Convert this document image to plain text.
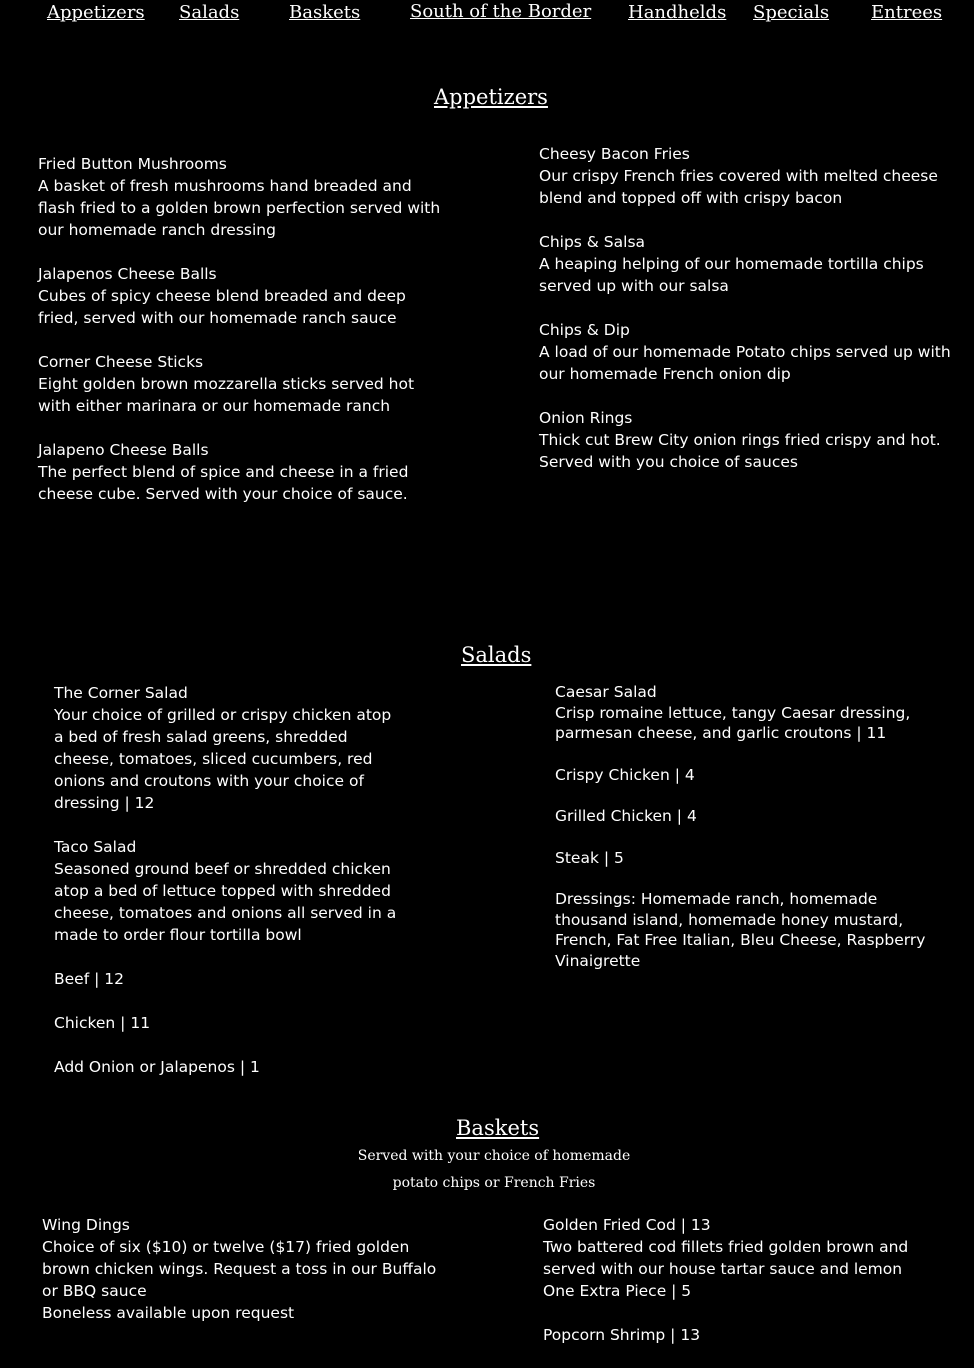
Appetizers Salads	Baskets	South of the Border Handhelds Specials Entrees
Appetizers

Fried Button Mushrooms

A basket of fresh mushrooms hand breaded and flash fried to a golden brown perfection served with our homemade ranch dressing

Jalapenos Cheese Balls

Cubes of spicy cheese blend breaded and deep fried, served with our homemade ranch sauce

Corner Cheese Sticks

Eight golden brown mozzarella sticks served hot with either marinara or our homemade ranch

Jalapeno Cheese Balls

The perfect blend of spice and cheese in a fried cheese cube. Served with your choice of sauce.

Cheesy Bacon Fries

Our crispy French fries covered with melted cheese blend and topped off with crispy bacon

Chips & Salsa

A heaping helping of our homemade tortilla chips served up with our salsa

Chips & Dip

A load of our homemade Potato chips served up with our homemade French onion dip

Onion Rings

Thick cut Brew City onion rings fried crispy and hot. Served with you choice of sauces

Salads

The Corner Salad

Your choice of grilled or crispy chicken atop a bed of fresh salad greens, shredded cheese, tomatoes, sliced cucumbers, red onions and croutons with your choice of dressing | 12

Taco Salad

Seasoned ground beef or shredded chicken atop a bed of lettuce topped with shredded cheese, tomatoes and onions all served in a made to order flour tortilla bowl

Beef | 12

Chicken | 11

Add Onion or Jalapenos | 1

Caesar Salad

Crisp romaine lettuce, tangy Caesar dressing, parmesan cheese, and garlic croutons | 11

Crispy Chicken | 4

Grilled Chicken | 4

Steak | 5

Dressings: Homemade ranch, homemade thousand island, homemade honey mustard, French, Fat Free Italian, Bleu Cheese, Raspberry Vinaigrette

Baskets
Served with your choice of homemade
potato chips or French Fries

Wing Dings

Choice of six ($10) or twelve ($17) fried golden brown chicken wings. Request a toss in our Buffalo or BBQ sauce

Boneless available upon request

Golden Fried Cod | 13

Two battered cod fillets fried golden brown and served with our house tartar sauce and lemon

One Extra Piece | 5

Popcorn Shrimp | 13
